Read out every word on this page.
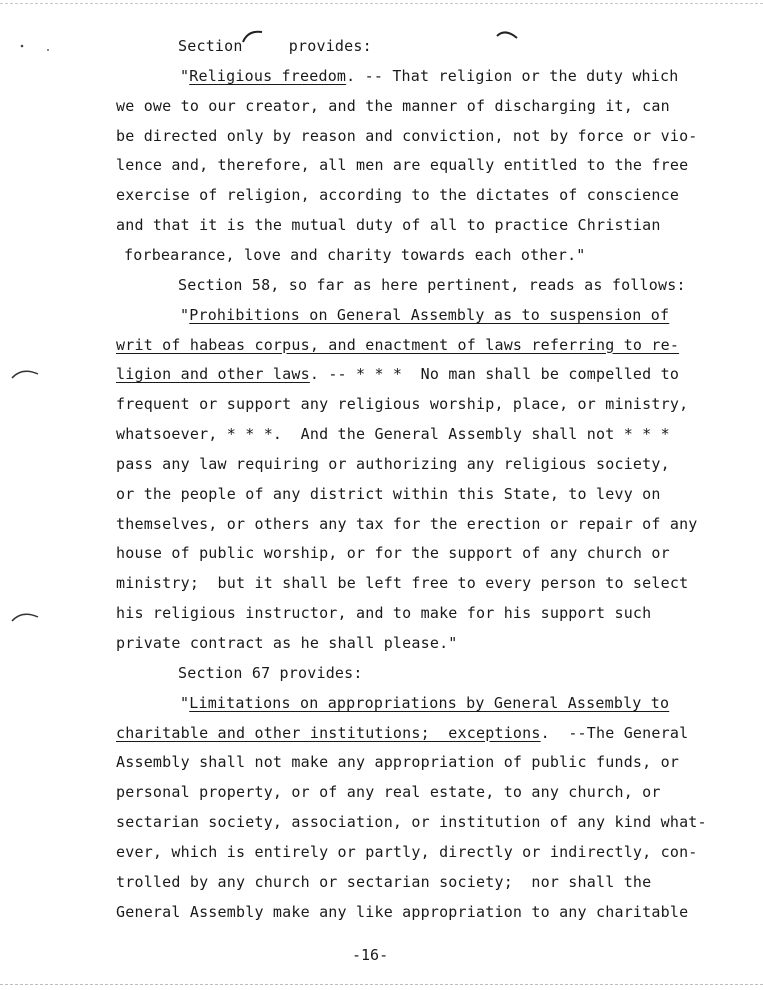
Section     provides:
"Religious freedom. -- That religion or the duty which
we owe to our creator, and the manner of discharging it, can
be directed only by reason and conviction, not by force or vio-
lence and, therefore, all men are equally entitled to the free
exercise of religion, according to the dictates of conscience
and that it is the mutual duty of all to practice Christian
forbearance, love and charity towards each other."
Section 58, so far as here pertinent, reads as follows:
"Prohibitions on General Assembly as to suspension of
writ of habeas corpus, and enactment of laws referring to re-
ligion and other laws. -- * * *  No man shall be compelled to
frequent or support any religious worship, place, or ministry,
whatsoever, * * *.  And the General Assembly shall not * * *
pass any law requiring or authorizing any religious society,
or the people of any district within this State, to levy on
themselves, or others any tax for the erection or repair of any
house of public worship, or for the support of any church or
ministry;  but it shall be left free to every person to select
his religious instructor, and to make for his support such
private contract as he shall please."
Section 67 provides:
"Limitations on appropriations by General Assembly to
charitable and other institutions;  exceptions.  --The General
Assembly shall not make any appropriation of public funds, or
personal property, or of any real estate, to any church, or
sectarian society, association, or institution of any kind what-
ever, which is entirely or partly, directly or indirectly, con-
trolled by any church or sectarian society;  nor shall the
General Assembly make any like appropriation to any charitable
-16-
